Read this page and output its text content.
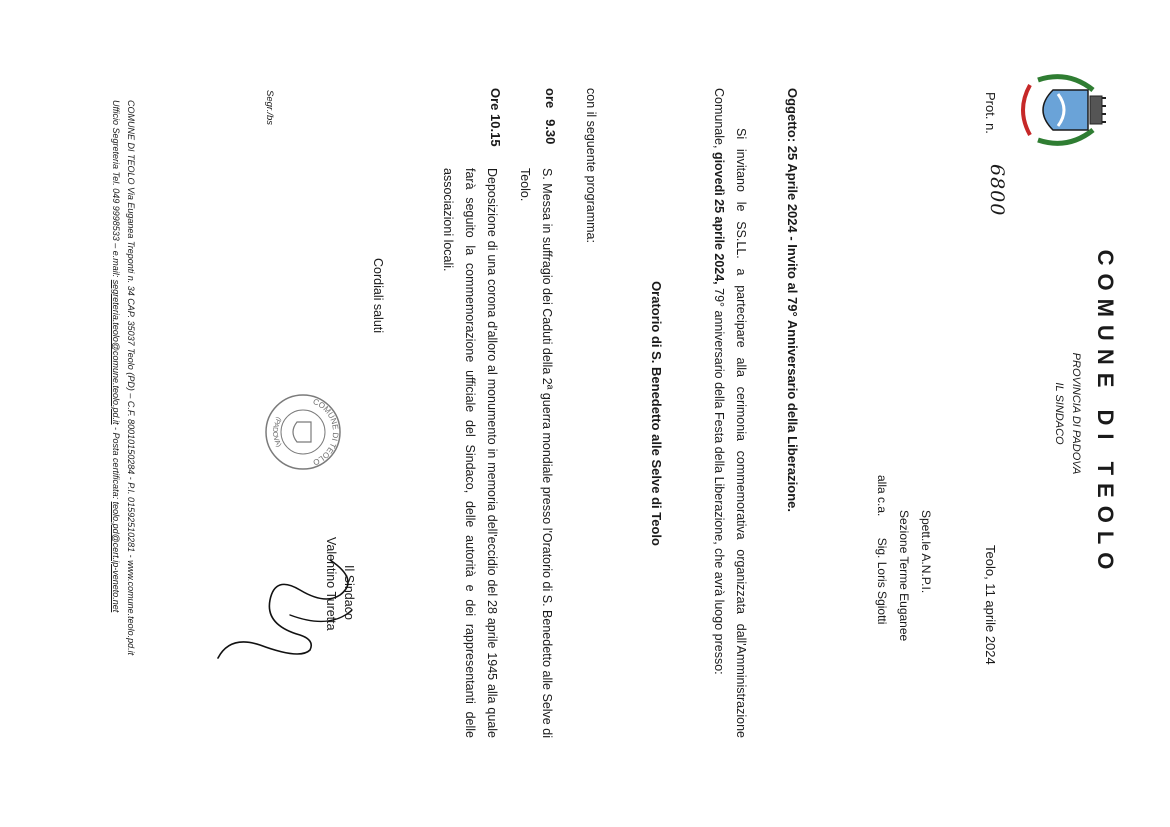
COMUNE DI TEOLO
PROVINCIA DI PADOVA
IL SINDACO
Prot. n.
6800
Teolo, 11 aprile 2024
Spett.le A.N.P.I.
Sezione Terme Euganee
alla c.a. Sig. Loris Sgiotti
Oggetto: 25 Aprile 2024 - Invito al 79° Anniversario della Liberazione.
Si invitano le SS.LL. a partecipare alla cerimonia commemorativa organizzata dall'Amministrazione Comunale, giovedì 25 aprile 2024, 79° anniversario della Festa della Liberazione, che avrà luogo presso:
Oratorio di S. Benedetto alle Selve di Teolo
con il seguente programma:
ore   9.30
S. Messa in suffragio dei Caduti della 2ª guerra mondiale presso l'Oratorio di S. Benedetto alle Selve di Teolo.
Ore 10.15
Deposizione di una corona d'alloro al monumento in memoria dell'eccidio del 28 aprile 1945 alla quale farà seguito la commemorazione ufficiale del Sindaco, delle autorità e dei rappresentanti delle associazioni locali.
Cordiali saluti
COMUNE DI TEOLO
(PADOVA)
Il Sindaco
Valentino Turetta
Segr./bs
COMUNE DI TEOLO Via Euganea Treponti n. 34 CAP. 35037 Teolo (PD) – C.F. 80010150284 - P.I. 01592510281 - www.comune.teolo.pd.it
Ufficio Segreteria Tel. 049 9998533 – e.mail: segreteria.teolo@comune.teolo.pd.it - Posta certificata: teolo.pd@cert.ip-veneto.net
